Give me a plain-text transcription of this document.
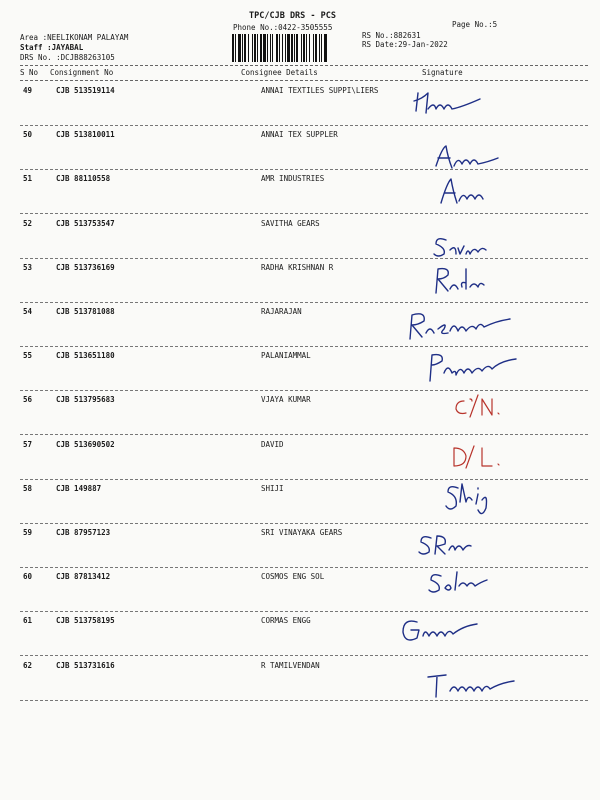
TPC/CJB DRS - PCS
Phone No.:0422-3505555	Page No.:5
RS No.:882631
RS Date:29-Jan-2022
Area :NEELIKONAM PALAYAM
Staff :JAYABAL
DRS No. :DCJB88263105
S No Consignment No	Consignee Details	Signature
49	CJB 513519114	ANNAI TEXTILES SUPPI\LIERS
50	CJB 513810011	ANNAI TEX SUPPLER
51	CJB 88110558	AMR INDUSTRIES
52	CJB 513753547	SAVITHA GEARS
53	CJB 513736169	RADHA KRISHNAN R
54	CJB 513781088	RAJARAJAN
55	CJB 513651180	PALANIAMMAL
56	CJB 513795683	VJAYA KUMAR
57	CJB 513690502	DAVID
58	CJB 149887	SHIJI
59	CJB 87957123	SRI VINAYAKA GEARS
60	CJB 87813412	COSMOS ENG SOL
61	CJB 513758195	CORMAS ENGG
62	CJB 513731616	R TAMILVENDAN
